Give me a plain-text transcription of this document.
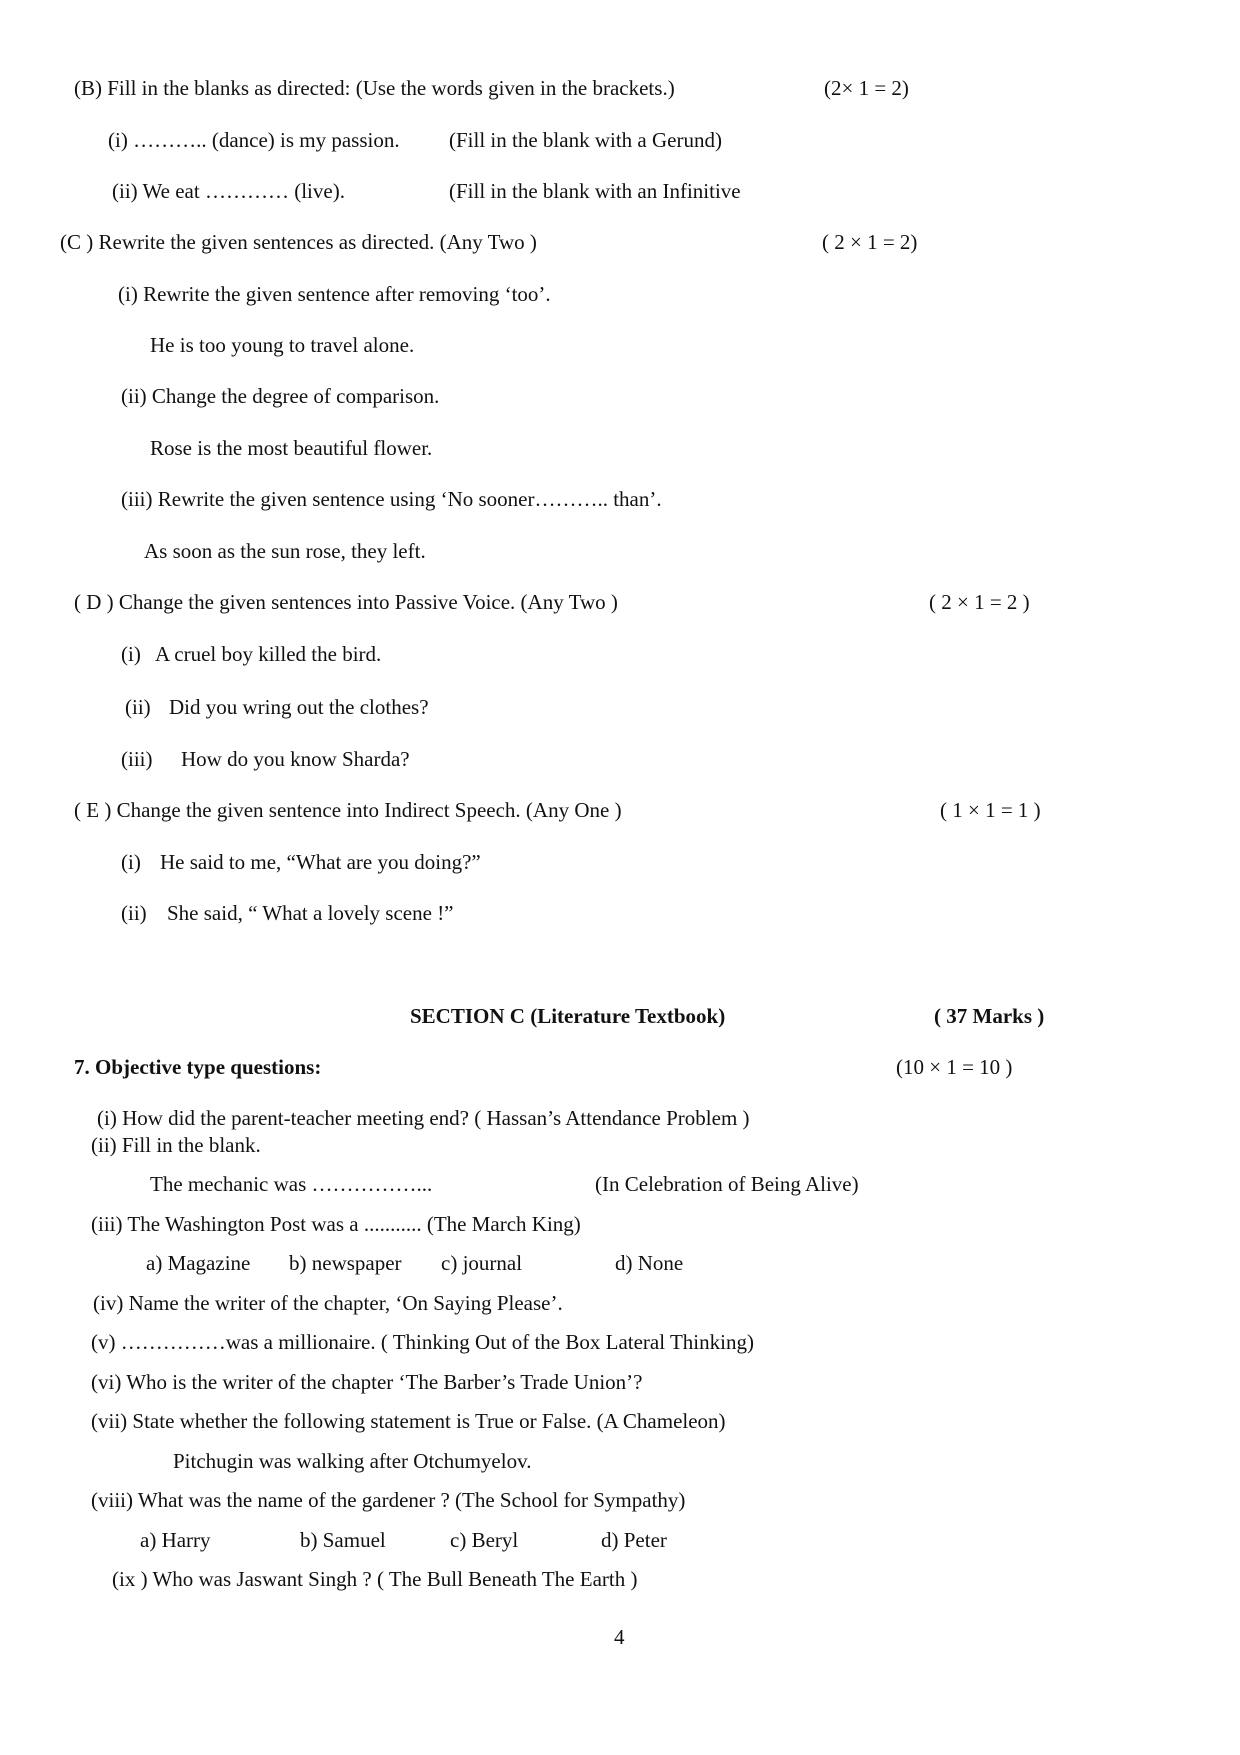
(B) Fill in the blanks as directed: (Use the words given in the brackets.)	(2× 1 = 2)
(i) ……….. (dance) is my passion. (Fill in the blank with a Gerund)
(ii) We eat ………… (live).	(Fill in the blank with an Infinitive
(C ) Rewrite the given sentences as directed. (Any Two )	( 2 × 1 = 2)
(i) Rewrite the given sentence after removing ‘too’.
He is too young to travel alone.
(ii) Change the degree of comparison.
Rose is the most beautiful flower.
(iii) Rewrite the given sentence using ‘No sooner……….. than’.
As soon as the sun rose, they left.
( D ) Change the given sentences into Passive Voice. (Any Two )	( 2 × 1 = 2 )
(i) A cruel boy killed the bird.
(ii) Did you wring out the clothes?
(iii) How do you know Sharda?
( E ) Change the given sentence into Indirect Speech. (Any One )	( 1 × 1 = 1 )
(i) He said to me, “What are you doing?”
(ii) She said, “ What a lovely scene !”
SECTION C (Literature Textbook)	( 37 Marks )
7. Objective type questions:	(10 × 1 = 10 )
(i) How did the parent-teacher meeting end? ( Hassan’s Attendance Problem )
(ii) Fill in the blank.
The mechanic was ……………...	(In Celebration of Being Alive)
(iii) The Washington Post was a ........... (The March King)
a) Magazine b) newspaper c) journal	d) None
(iv) Name the writer of the chapter, ‘On Saying Please’.
(v) ……………was a millionaire. ( Thinking Out of the Box Lateral Thinking)
(vi) Who is the writer of the chapter ‘The Barber’s Trade Union’?
(vii) State whether the following statement is True or False. (A Chameleon)
Pitchugin was walking after Otchumyelov.
(viii) What was the name of the gardener ? (The School for Sympathy)
a) Harry	b) Samuel	c) Beryl	d) Peter
(ix ) Who was Jaswant Singh ? ( The Bull Beneath The Earth )
4
